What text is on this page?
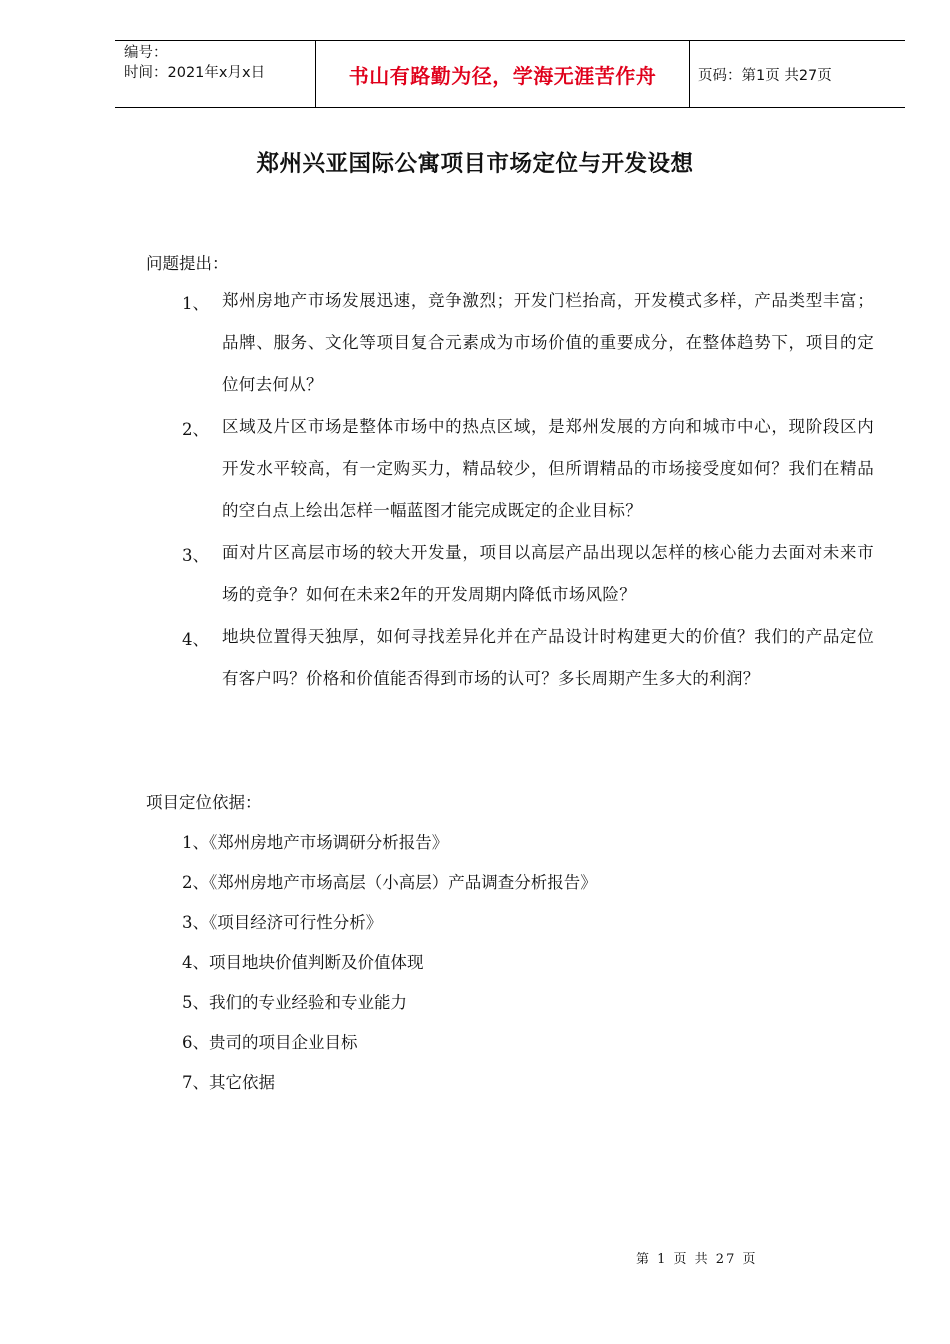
编号：
时间：2021年x月x日	书山有路勤为径，学海无涯苦作舟	页码：第1页 共27页
郑州兴亚国际公寓项目市场定位与开发设想
问题提出：
1、 郑州房地产市场发展迅速，竞争激烈；开发门栏抬高，开发模式多样，产品类型丰富；品牌、服务、文化等项目复合元素成为市场价值的重要成分，在整体趋势下，项目的定位何去何从？
2、 区域及片区市场是整体市场中的热点区域，是郑州发展的方向和城市中心，现阶段区内开发水平较高，有一定购买力，精品较少，但所谓精品的市场接受度如何？我们在精品的空白点上绘出怎样一幅蓝图才能完成既定的企业目标？
3、 面对片区高层市场的较大开发量，项目以高层产品出现以怎样的核心能力去面对未来市场的竞争？如何在未来2年的开发周期内降低市场风险？
4、 地块位置得天独厚，如何寻找差异化并在产品设计时构建更大的价值？我们的产品定位有客户吗？价格和价值能否得到市场的认可？多长周期产生多大的利润？
项目定位依据：
1、《郑州房地产市场调研分析报告》
2、《郑州房地产市场高层（小高层）产品调查分析报告》
3、《项目经济可行性分析》
4、项目地块价值判断及价值体现
5、我们的专业经验和专业能力
6、贵司的项目企业目标
7、其它依据
第 1 页 共 27 页
